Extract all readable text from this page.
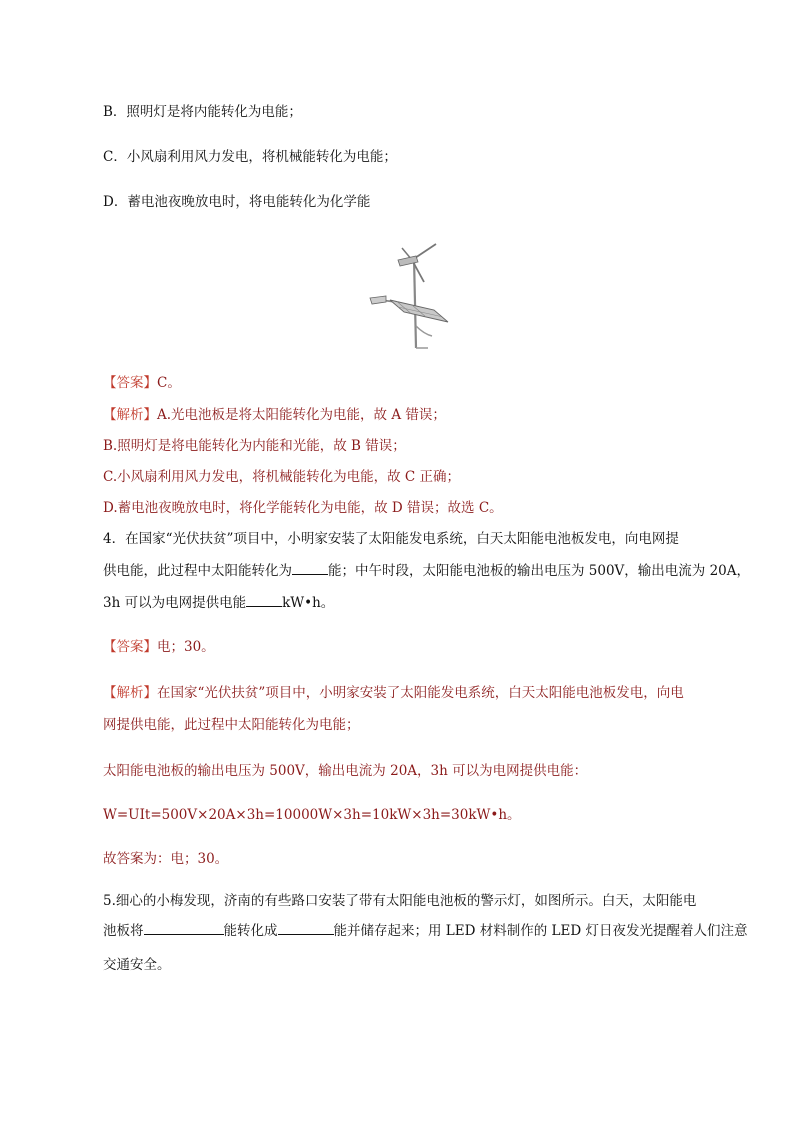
B．照明灯是将内能转化为电能；
C．小风扇利用风力发电，将机械能转化为电能；
D．蓄电池夜晚放电时，将电能转化为化学能
【答案】C。
【解析】A.光电池板是将太阳能转化为电能，故 A 错误；
B.照明灯是将电能转化为内能和光能，故 B 错误；
C.小风扇利用风力发电，将机械能转化为电能，故 C 正确；
D.蓄电池夜晚放电时，将化学能转化为电能，故 D 错误；故选 C。
4．在国家“光伏扶贫”项目中，小明家安装了太阳能发电系统，白天太阳能电池板发电，向电网提
供电能，此过程中太阳能转化为	能；中午时段，太阳能电池板的输出电压为 500V，输出电流为 20A，
3h 可以为电网提供电能	kW•h。
【答案】电；30。
【解析】在国家“光伏扶贫”项目中，小明家安装了太阳能发电系统，白天太阳能电池板发电，向电
网提供电能，此过程中太阳能转化为电能；
太阳能电池板的输出电压为 500V，输出电流为 20A，3h 可以为电网提供电能：
W=UIt=500V×20A×3h=10000W×3h=10kW×3h=30kW•h。
故答案为：电；30。
5.细心的小梅发现，济南的有些路口安装了带有太阳能电池板的警示灯，如图所示。白天，太阳能电
池板将	能转化成	能并储存起来；用 LED 材料制作的 LED 灯日夜发光提醒着人们注意
交通安全。
